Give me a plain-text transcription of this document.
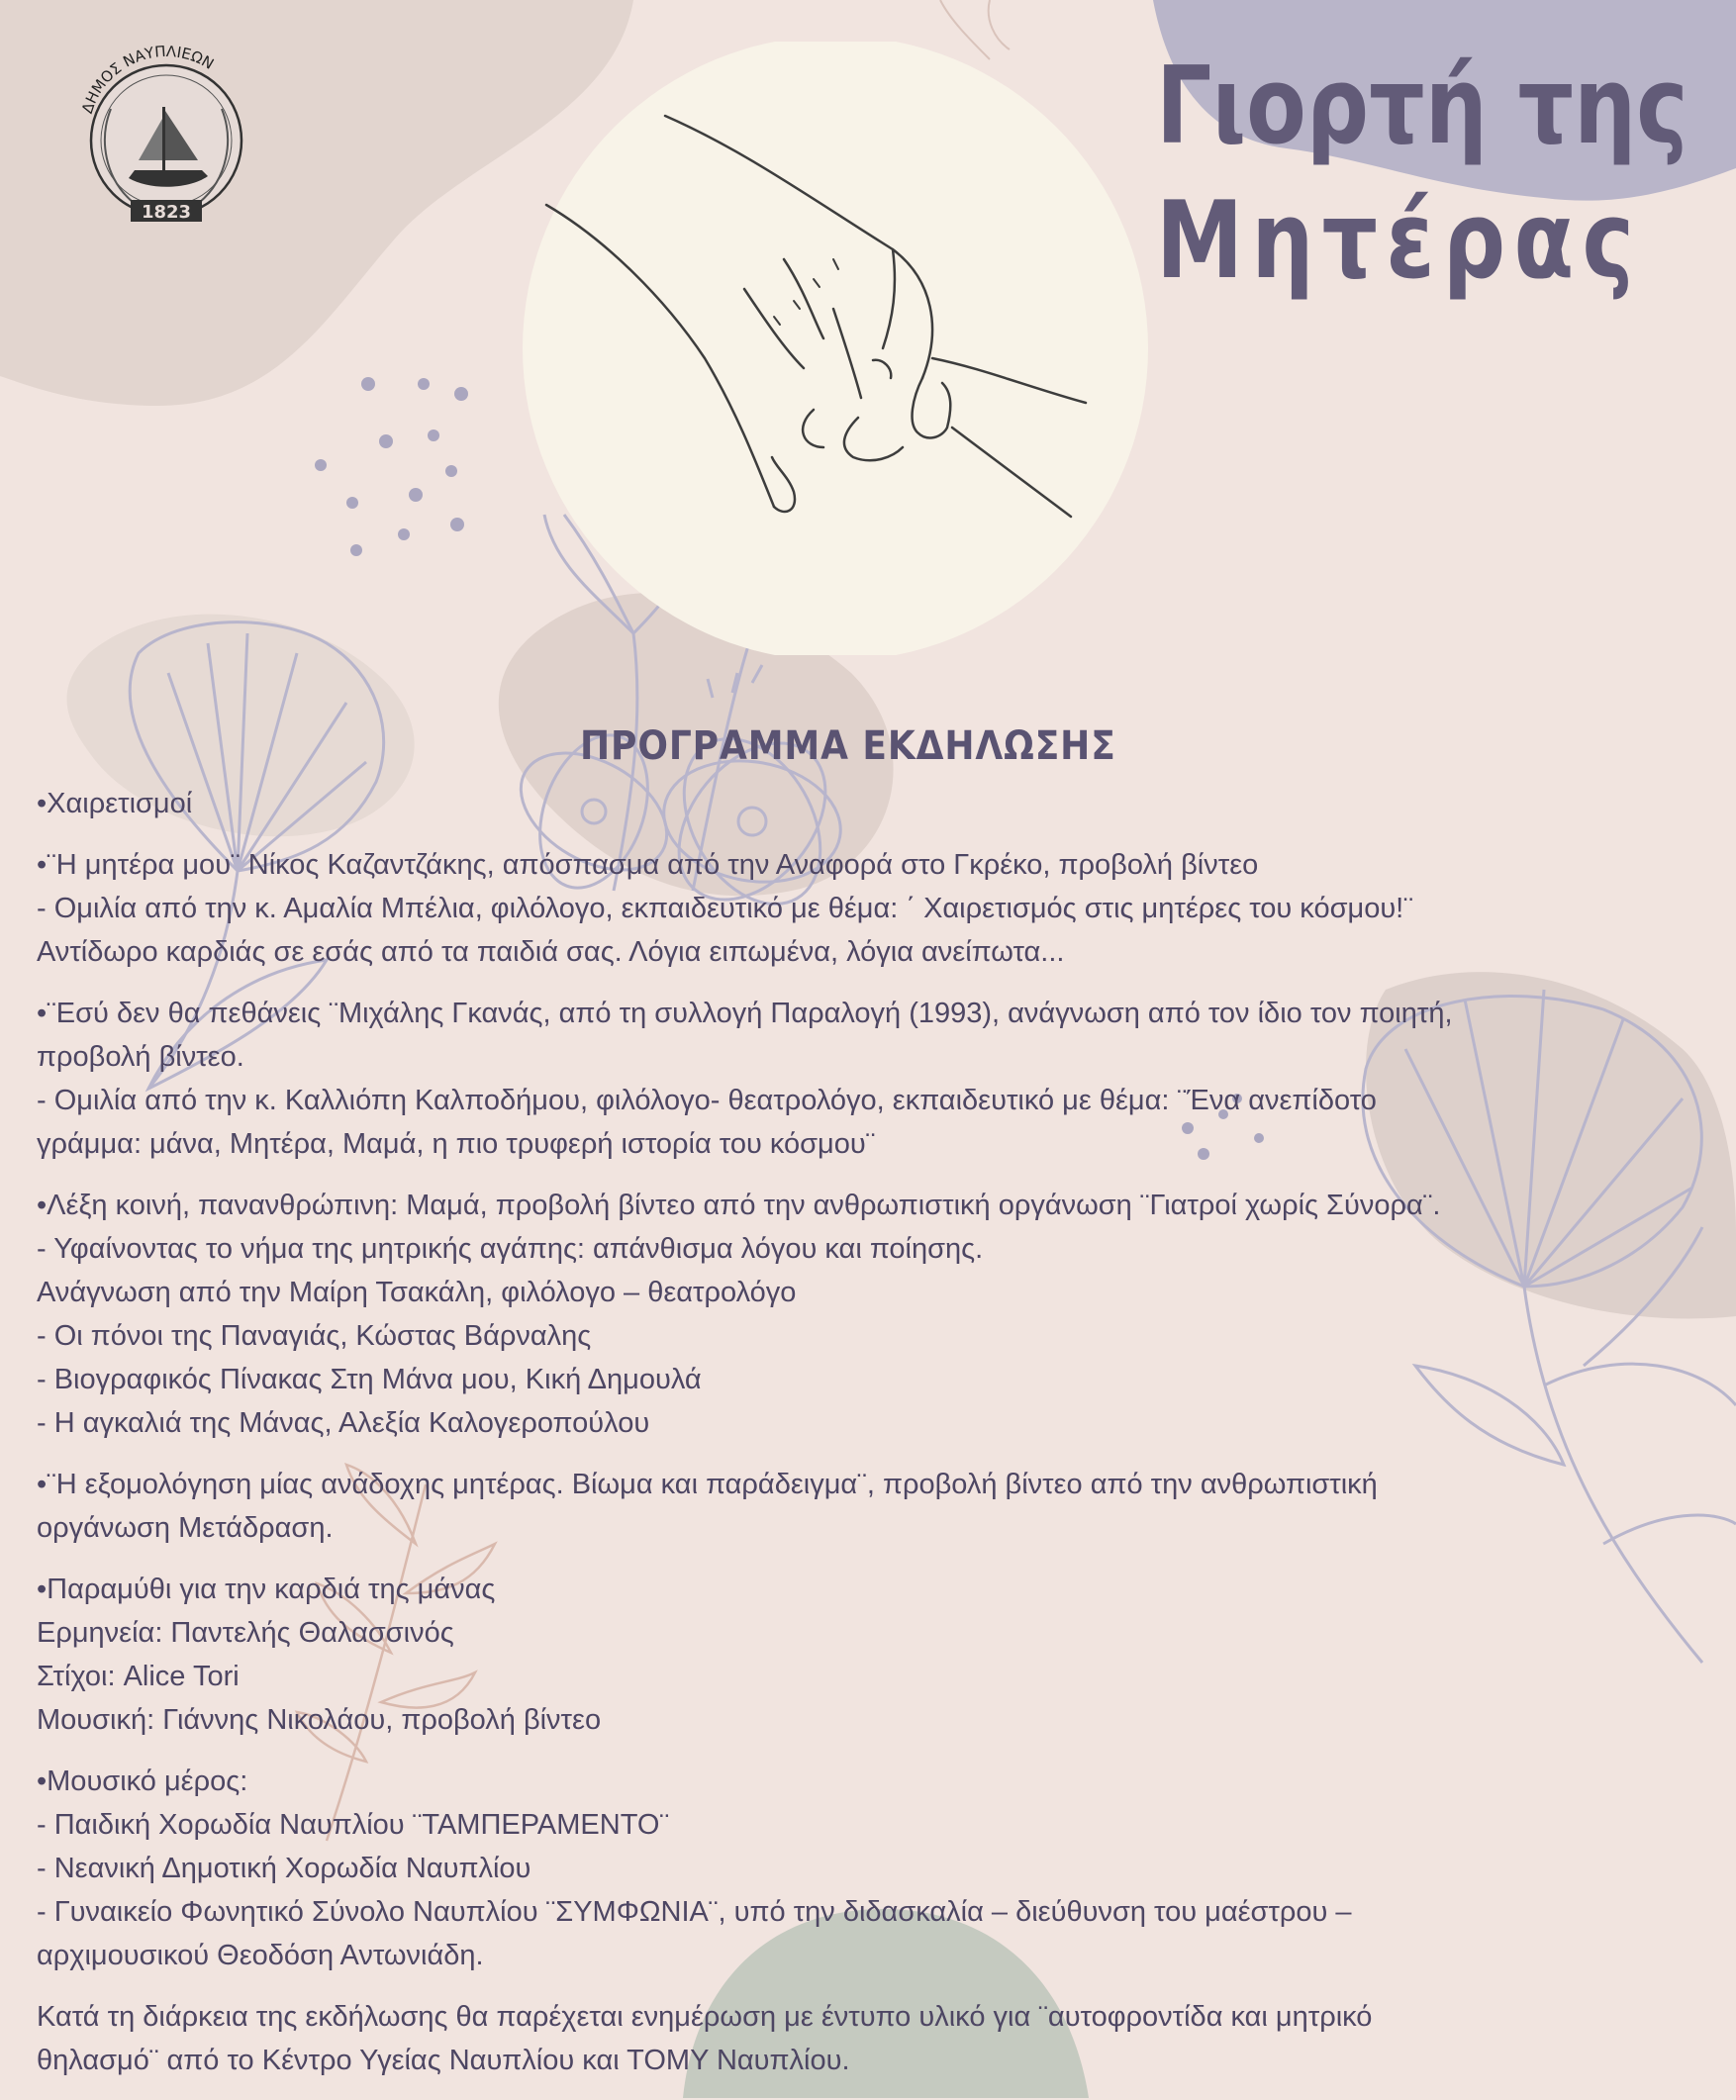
ΔΗΜΟΣ ΝΑΥΠΛΙΕΩΝ
1823
Γιορτή της
Μητέρας
ΠΡΟΓΡΑΜΜΑ ΕΚΔΗΛΩΣΗΣ
•Χαιρετισμοί
•¨Η μητέρα μου¨ Νίκος Καζαντζάκης, απόσπασμα από την Αναφορά στο Γκρέκο, προβολή βίντεο
- Ομιλία από την κ. Αμαλία Μπέλια, φιλόλογο, εκπαιδευτικό με θέμα: ΄ Χαιρετισμός στις μητέρες του κόσμου!¨
Αντίδωρο καρδιάς σε εσάς από τα παιδιά σας. Λόγια ειπωμένα, λόγια ανείπωτα...
•¨Εσύ δεν θα πεθάνεις ¨Μιχάλης Γκανάς, από τη συλλογή Παραλογή (1993), ανάγνωση από τον ίδιο τον ποιητή,
προβολή βίντεο.
- Ομιλία από την κ. Καλλιόπη Καλποδήμου, φιλόλογο- θεατρολόγο, εκπαιδευτικό με θέμα: ¨Ένα ανεπίδοτο
γράμμα: μάνα, Μητέρα, Μαμά, η πιο τρυφερή ιστορία του κόσμου¨
•Λέξη κοινή, πανανθρώπινη: Μαμά, προβολή βίντεο από την ανθρωπιστική οργάνωση ¨Γιατροί χωρίς Σύνορα¨.
- Υφαίνοντας το νήμα της μητρικής αγάπης: απάνθισμα λόγου και ποίησης.
Ανάγνωση από την Μαίρη Τσακάλη, φιλόλογο – θεατρολόγο
- Οι πόνοι της Παναγιάς, Κώστας Βάρναλης
- Βιογραφικός Πίνακας Στη Μάνα μου, Κική Δημουλά
- Η αγκαλιά της Μάνας, Αλεξία Καλογεροπούλου
•¨Η εξομολόγηση μίας ανάδοχης μητέρας. Βίωμα και παράδειγμα¨, προβολή βίντεο από την ανθρωπιστική
οργάνωση Μετάδραση.
•Παραμύθι για την καρδιά της μάνας
Ερμηνεία: Παντελής Θαλασσινός
Στίχοι: Alice Tori
Μουσική: Γιάννης Νικολάου, προβολή βίντεο
•Μουσικό μέρος:
- Παιδική Χορωδία Ναυπλίου ¨ΤΑΜΠΕΡΑΜΕΝΤΟ¨
- Νεανική Δημοτική Χορωδία Ναυπλίου
- Γυναικείο Φωνητικό Σύνολο Ναυπλίου ¨ΣΥΜΦΩΝΙΑ¨, υπό την διδασκαλία – διεύθυνση του μαέστρου –
αρχιμουσικού Θεοδόση Αντωνιάδη.
Κατά τη διάρκεια της εκδήλωσης θα παρέχεται ενημέρωση με έντυπο υλικό για ¨αυτοφροντίδα και μητρικό
θηλασμό¨ από το Κέντρο Υγείας Ναυπλίου και ΤΟΜΥ Ναυπλίου.
